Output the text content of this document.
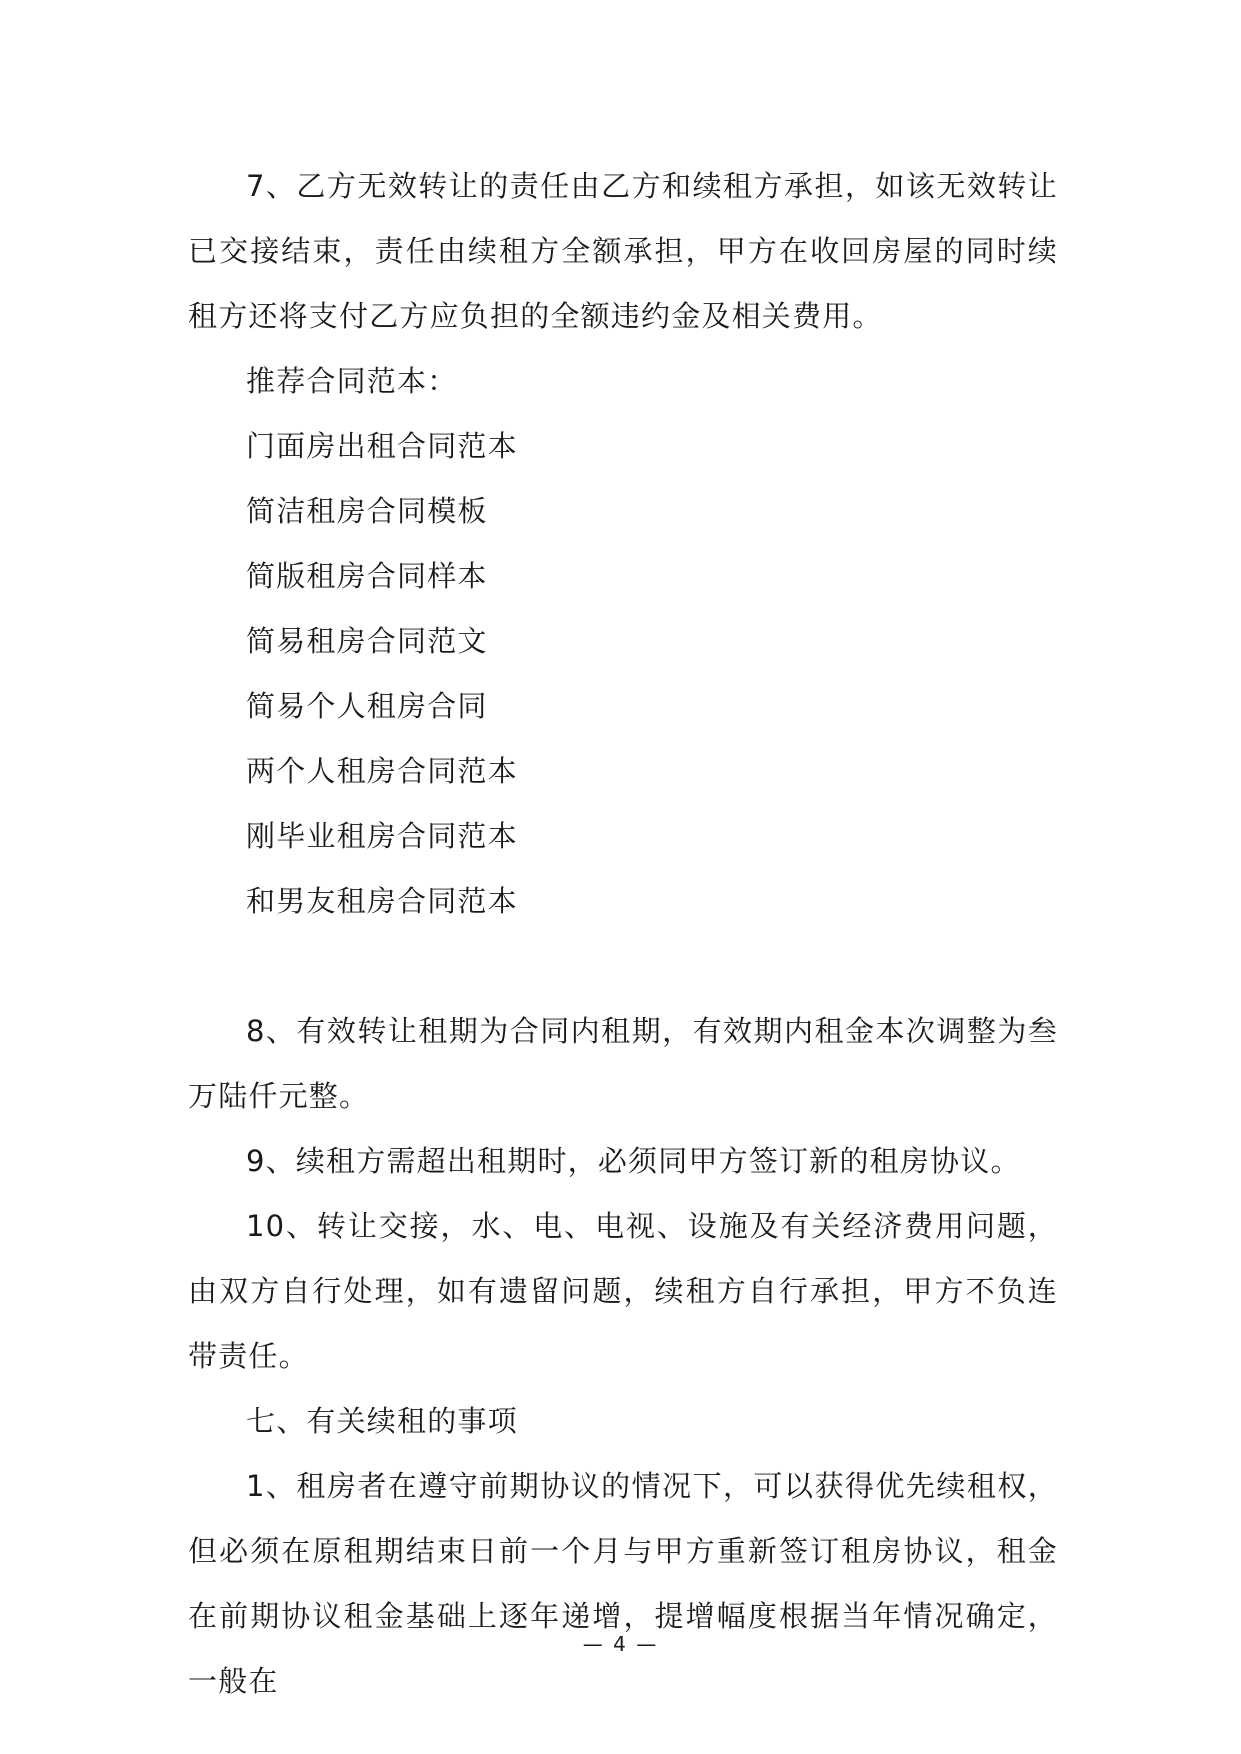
7、乙方无效转让的责任由乙方和续租方承担，如该无效转让已交接结束，责任由续租方全额承担，甲方在收回房屋的同时续租方还将支付乙方应负担的全额违约金及相关费用。

推荐合同范本：

门面房出租合同范本

简洁租房合同模板

简版租房合同样本

简易租房合同范文

简易个人租房合同

两个人租房合同范本

刚毕业租房合同范本

和男友租房合同范本

8、有效转让租期为合同内租期，有效期内租金本次调整为叁万陆仟元整。

9、续租方需超出租期时，必须同甲方签订新的租房协议。

10、转让交接，水、电、电视、设施及有关经济费用问题，由双方自行处理，如有遗留问题，续租方自行承担，甲方不负连带责任。

七、有关续租的事项

1、租房者在遵守前期协议的情况下，可以获得优先续租权，但必须在原租期结束日前一个月与甲方重新签订租房协议，租金在前期协议租金基础上逐年递增，提增幅度根据当年情况确定，一般在

— 4 —
